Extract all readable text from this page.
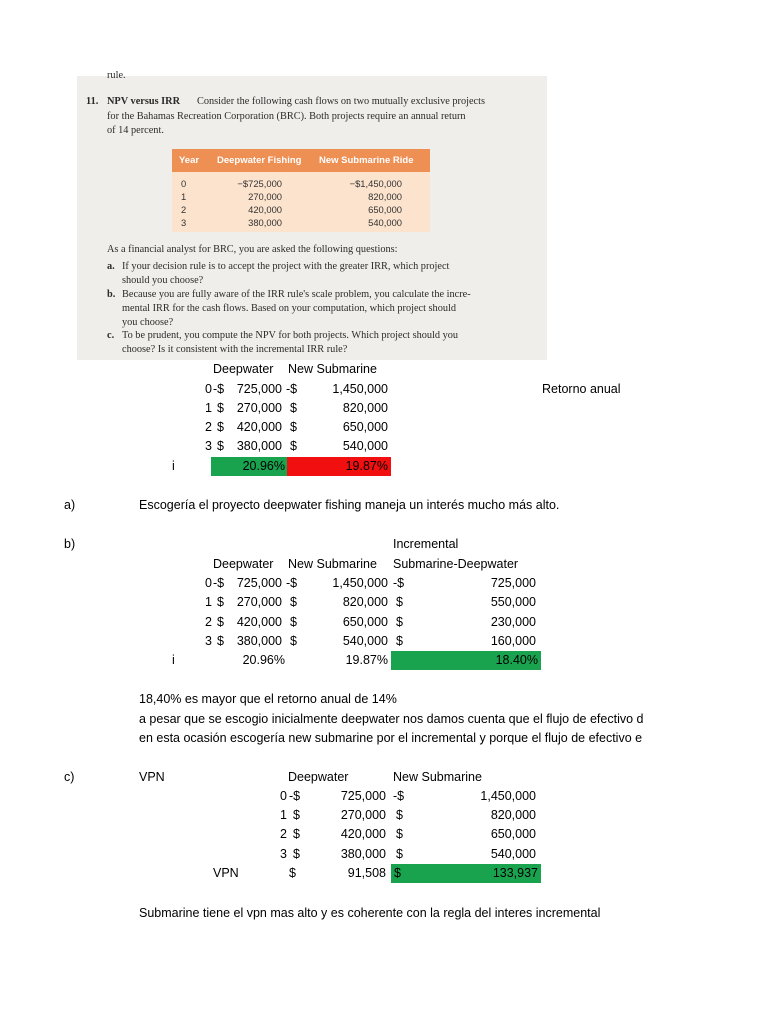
rule.
11. NPV versus IRR Consider the following cash flows on two mutually exclusive projects
for the Bahamas Recreation Corporation (BRC). Both projects require an annual return
of 14 percent.
Year Deepwater Fishing New Submarine Ride
0	−$725,000	−$1,450,000
1	270,000	820,000
2	420,000	650,000
3	380,000	540,000
As a financial analyst for BRC, you are asked the following questions:
a. If your decision rule is to accept the project with the greater IRR, which project
should you choose?
b. Because you are fully aware of the IRR rule's scale problem, you calculate the incre-
mental IRR for the cash flows. Based on your computation, which project should
you choose?
c. To be prudent, you compute the NPV for both projects. Which project should you
choose? Is it consistent with the incremental IRR rule?
Deepwater New Submarine
Retorno anual
0 -$	725,000 -$	1,450,000
1 $	270,000 $	820,000
2 $	420,000 $	650,000
3 $	380,000 $	540,000
i	20.96%	19.87%
a)	Escogería el proyecto deepwater fishing maneja un interés mucho más alto.
b)	Incremental
Deepwater New Submarine Submarine-Deepwater
0 -$	725,000 -$	1,450,000 -$	725,000
1 $	270,000 $	820,000 $	550,000
2 $	420,000 $	650,000 $	230,000
3 $	380,000 $	540,000 $	160,000
i	20.96%	19.87%	18.40%
18,40% es mayor que el retorno anual de 14%
a pesar que se escogio inicialmente deepwater nos damos cuenta que el flujo de efectivo d
en esta ocasión escogería new submarine por el incremental y porque el flujo de efectivo e
c)	VPN	Deepwater	New Submarine
0 -$	725,000 -$	1,450,000
1 $	270,000 $	820,000
2 $	420,000 $	650,000
3 $	380,000 $	540,000
VPN	$	91,508 $	133,937
Submarine tiene el vpn mas alto y es coherente con la regla del interes incremental
